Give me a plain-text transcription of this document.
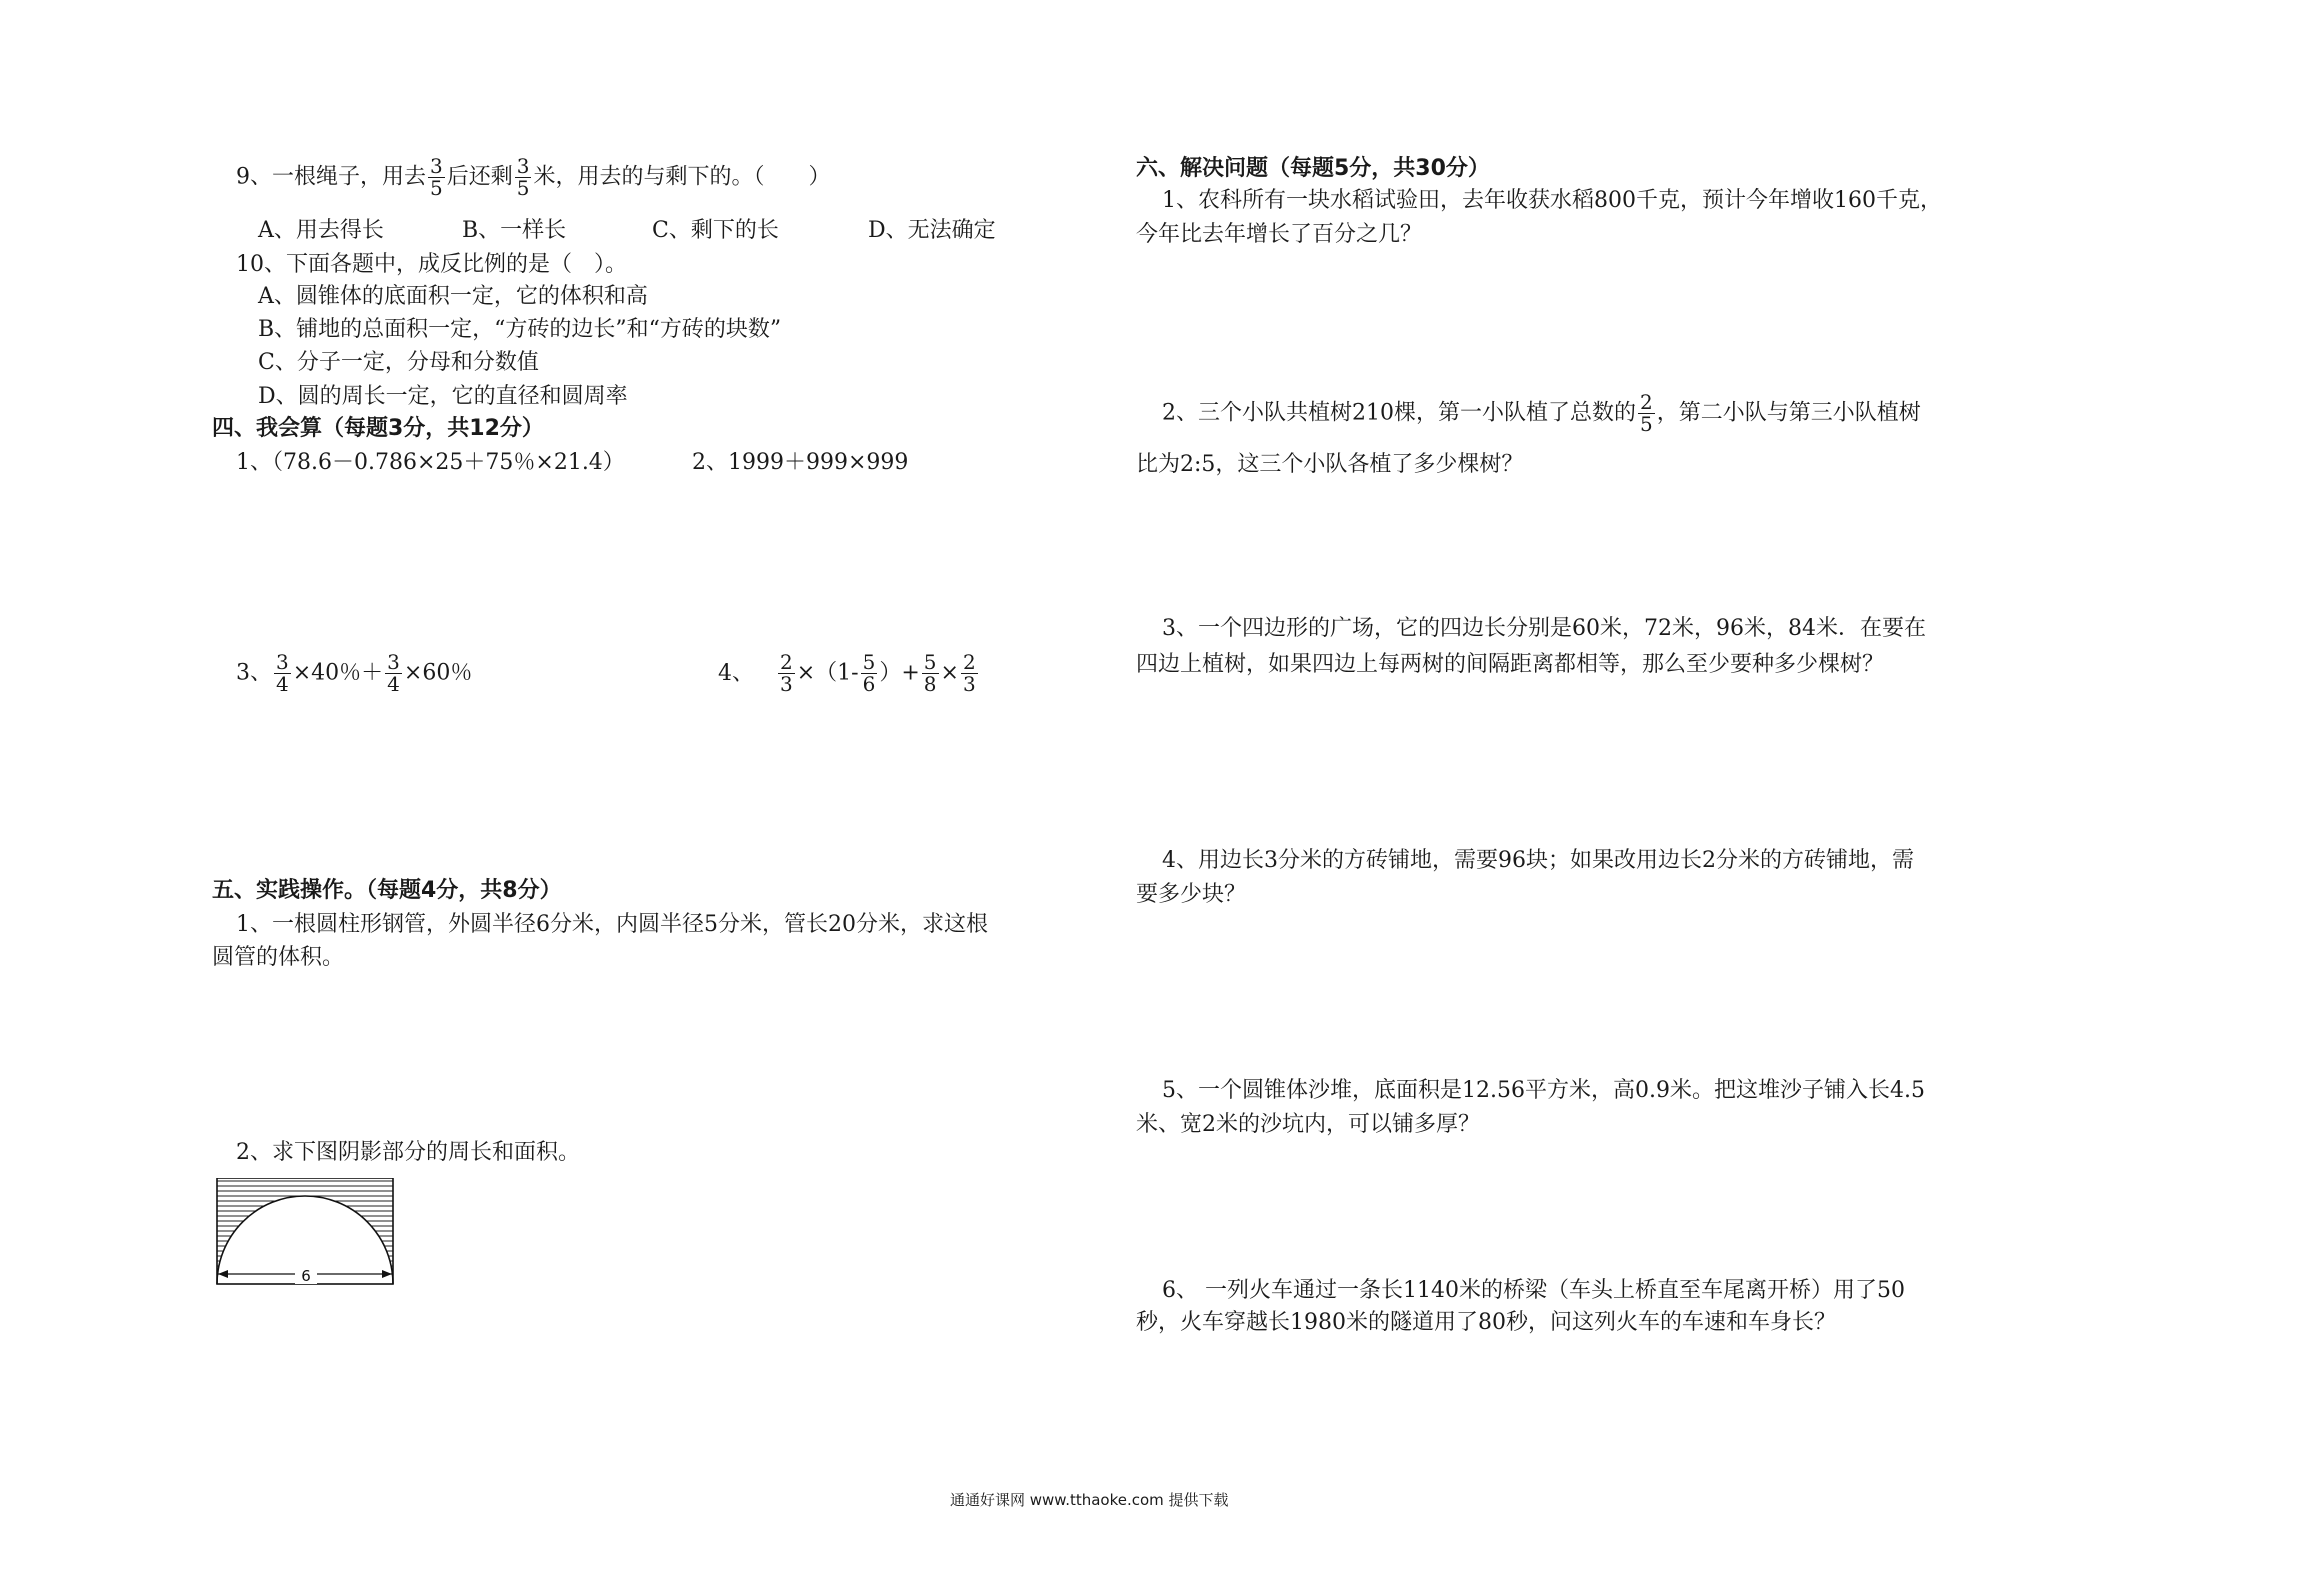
9、一根绳子，用去 $\frac{3}{5}$ 后还剩 $\frac{3}{5}$ 米，用去的与剩下的。（　　）
A、用去得长	B、一样长	C、剩下的长	D、无法确定
10、下面各题中，成反比例的是（　）。
A、圆锥体的底面积一定，它的体积和高
B、铺地的总面积一定，“方砖的边长”和“方砖的块数”
C、分子一定，分母和分数值
D、圆的周长一定，它的直径和圆周率
四、我会算（每题3分，共12分）
1、（78.6－0.786×25＋75％×21.4）	2、1999＋999×999
3、 $\frac{3}{4} \times 40$％＋ $\frac{3}{4} \times 60$％	4、 $\frac{2}{3} \times(1- \frac{5}{6}$ ）+ $\frac{5}{8} \times \frac{2}{3}$
五、实践操作。（每题4分，共8分）
1、一根圆柱形钢管，外圆半径6分米，内圆半径5分米，管长20分米，求这根
圆管的体积。
2、求下图阴影部分的周长和面积。
6
六、解决问题（每题5分，共30分）
1、农科所有一块水稻试验田，去年收获水稻800千克，预计今年增收160千克，
今年比去年增长了百分之几？
2、三个小队共植树210棵，第一小队植了总数的 $\frac{2}{5}$ ，第二小队与第三小队植树
比为2:5，这三个小队各植了多少棵树？
3、一个四边形的广场，它的四边长分别是60米，72米，96米，84米．在要在
四边上植树，如果四边上每两树的间隔距离都相等，那么至少要种多少棵树？
4、用边长3分米的方砖铺地，需要96块；如果改用边长2分米的方砖铺地，需
要多少块？
5、一个圆锥体沙堆，底面积是12.56平方米，高0.9米。把这堆沙子铺入长4.5
米、宽2米的沙坑内，可以铺多厚？
6、 一列火车通过一条长1140米的桥梁（车头上桥直至车尾离开桥）用了50
秒，火车穿越长1980米的隧道用了80秒，问这列火车的车速和车身长？
通通好课网 www.tthaoke.com 提供下载
